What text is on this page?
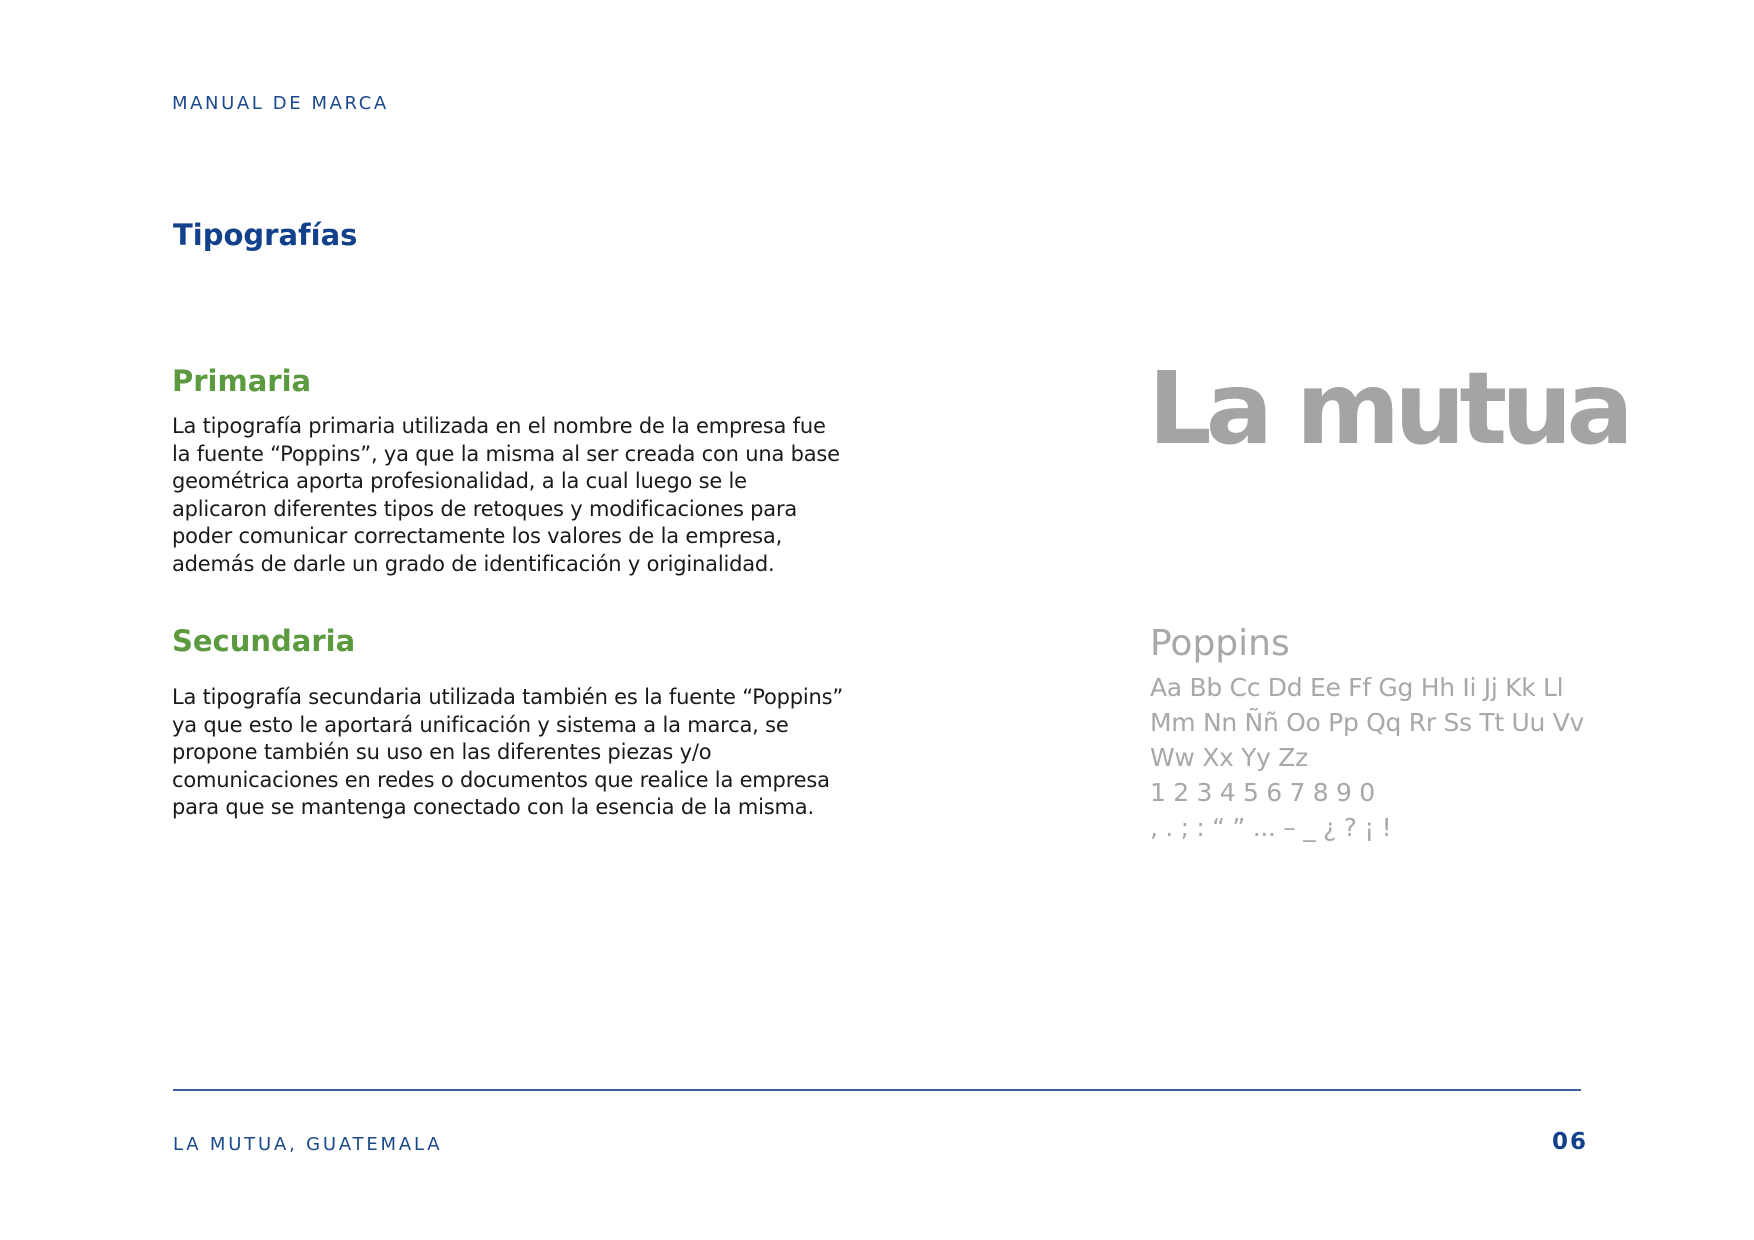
MANUAL DE MARCA
Tipografías
Primaria

La tipografía primaria utilizada en el nombre de la empresa fue
la fuente “Poppins”, ya que la misma al ser creada con una base
geométrica aporta profesionalidad, a la cual luego se le
aplicaron diferentes tipos de retoques y modificaciones para
poder comunicar correctamente los valores de la empresa,
además de darle un grado de identificación y originalidad.

Secundaria

La tipografía secundaria utilizada también es la fuente “Poppins”
ya que esto le aportará unificación y sistema a la marca, se
propone también su uso en las diferentes piezas y/o
comunicaciones en redes o documentos que realice la empresa
para que se mantenga conectado con la esencia de la misma.

La mutua
Poppins
Aa Bb Cc Dd Ee Ff Gg Hh Ii Jj Kk Ll
Mm Nn Ññ Oo Pp Qq Rr Ss Tt Uu Vv
Ww Xx Yy Zz
1 2 3 4 5 6 7 8 9 0
, . ; : “ ” ... – _ ¿ ? ¡ !
LA MUTUA, GUATEMALA	06
